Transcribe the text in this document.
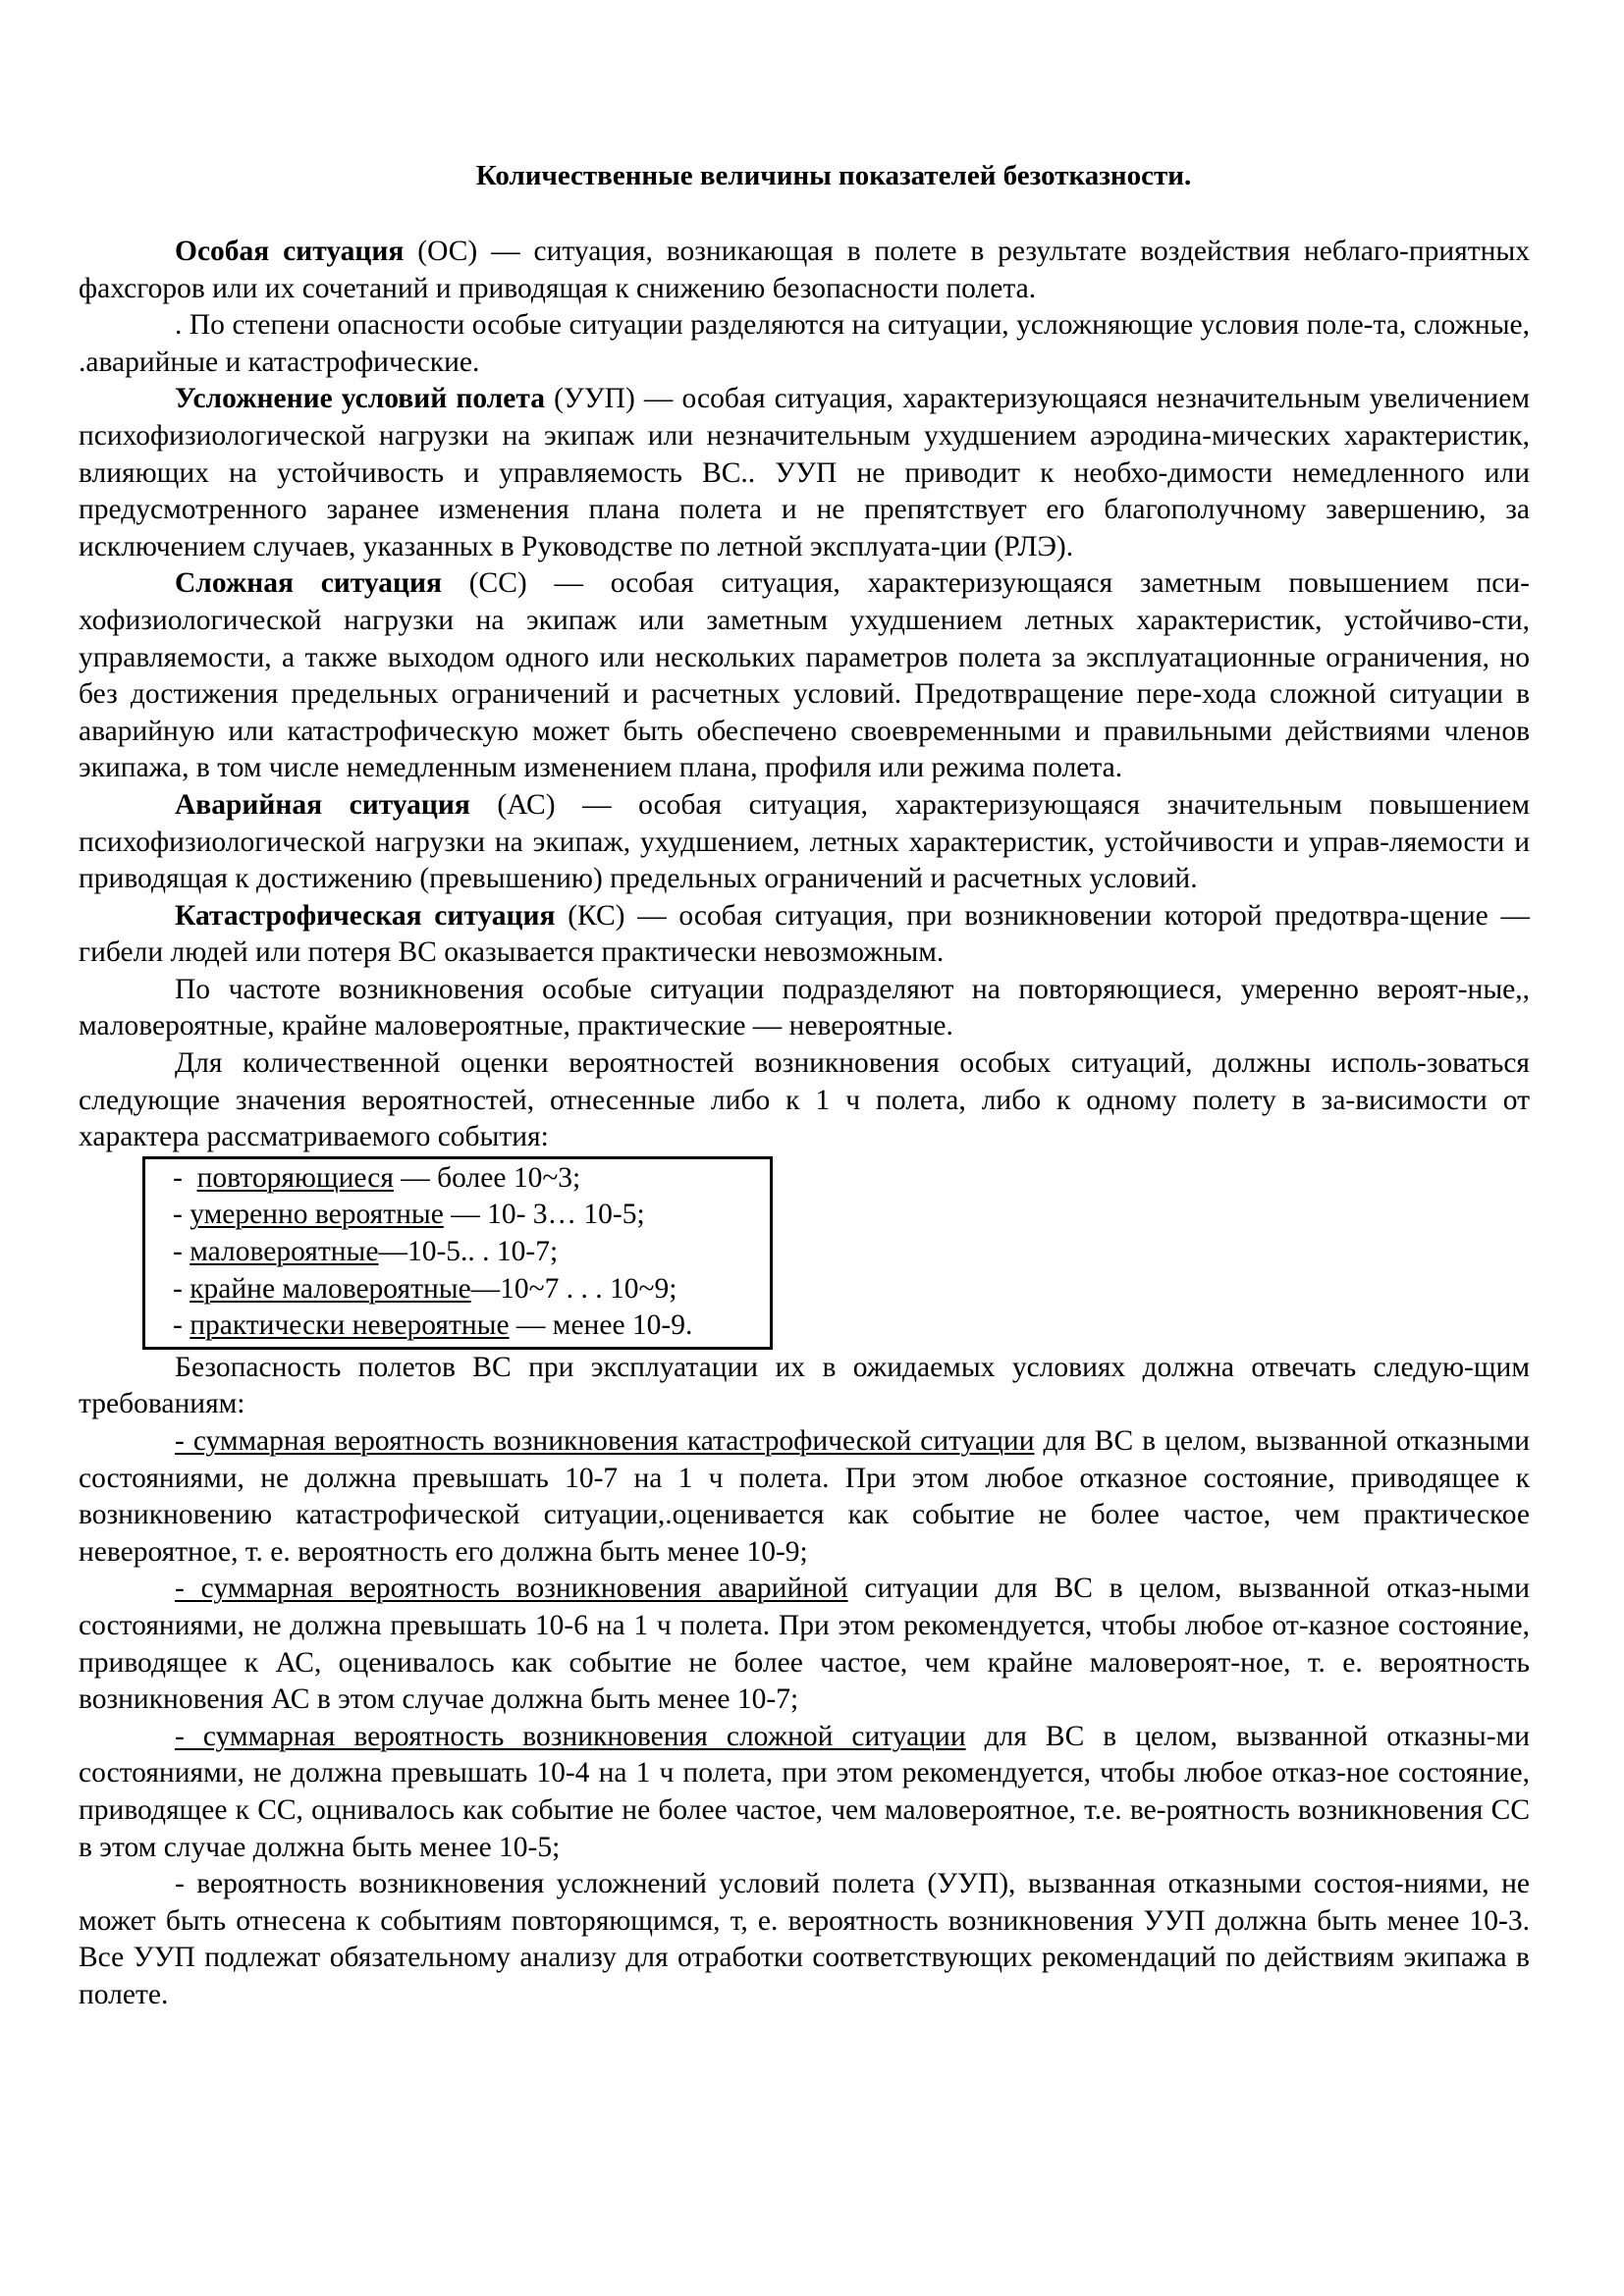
Количественные величины показателей безотказности.

Особая ситуация (ОС) — ситуация, возникающая в полете в результате воздействия неблаго-приятных фахсгоров или их сочетаний и приводящая к снижению безопасности полета.

. По степени опасности особые ситуации разделяются на ситуации, усложняющие условия поле-та, сложные, .аварийные и катастрофические.

Усложнение условий полета (УУП) — особая ситуация, характеризующаяся незначительным увеличением психофизиологической нагрузки на экипаж или незначительным ухудшением аэродина-мических характеристик, влияющих на устойчивость и управляемость ВС.. УУП не приводит к необхо-димости немедленного или предусмотренного заранее изменения плана полета и не препятствует его благополучному завершению, за исключением случаев, указанных в Руководстве по летной эксплуата-ции (РЛЭ).

Сложная ситуация (СС) — особая ситуация, характеризующаяся заметным повышением пси-хофизиологической нагрузки на экипаж или заметным ухудшением летных характеристик, устойчиво-сти, управляемости, а также выходом одного или нескольких параметров полета за эксплуатационные ограничения, но без достижения предельных ограничений и расчетных условий. Предотвращение пере-хода сложной ситуации в аварийную или катастрофическую может быть обеспечено своевременными и правильными действиями членов экипажа, в том числе немедленным изменением плана, профиля или режима полета.

Аварийная ситуация (АС) — особая ситуация, характеризующаяся значительным повышением психофизиологической нагрузки на экипаж, ухудшением, летных характеристик, устойчивости и управ-ляемости и приводящая к достижению (превышению) предельных ограничений и расчетных условий.

Катастрофическая ситуация (КС) — особая ситуация, при возникновении которой предотвра-щение — гибели людей или потеря ВС оказывается практически невозможным.

По частоте возникновения особые ситуации подразделяют на повторяющиеся, умеренно вероят-ные,, маловероятные, крайне маловероятные, практические — невероятные.

Для количественной оценки вероятностей возникновения особых ситуаций, должны исполь-зоваться следующие значения вероятностей, отнесенные либо к 1 ч полета, либо к одному полету в за-висимости от характера рассматриваемого события:

-  повторяющиеся — более 10~3;
- умеренно вероятные — 10- 3… 10-5;
- маловероятные—10-5.. . 10-7;
- крайне маловероятные—10~7 . . . 10~9;
- практически невероятные — менее 10-9.

Безопасность полетов ВС при эксплуатации их в ожидаемых условиях должна отвечать следую-щим требованиям:

- суммарная вероятность возникновения катастрофической ситуации для ВС в целом, вызванной отказными состояниями, не должна превышать 10-7 на 1 ч полета. При этом любое отказное состояние, приводящее к возникновению катастрофической ситуации,.оценивается как событие не более частое, чем практическое невероятное, т. е. вероятность его должна быть менее 10-9;

- суммарная вероятность возникновения аварийной ситуации для ВС в целом, вызванной отказ-ными состояниями, не должна превышать 10-6 на 1 ч полета. При этом рекомендуется, чтобы любое от-казное состояние, приводящее к АС, оценивалось как событие не более частое, чем крайне маловероят-ное, т. е. вероятность возникновения АС в этом случае должна быть менее 10-7;

- суммарная вероятность возникновения сложной ситуации для ВС в целом, вызванной отказны-ми состояниями, не должна превышать 10-4 на 1 ч полета, при этом рекомендуется, чтобы любое отказ-ное состояние, приводящее к СС, оцнивалось как событие не более частое, чем маловероятное, т.е. ве-роятность возникновения СС в этом случае должна быть менее 10-5;

- вероятность возникновения усложнений условий полета (УУП), вызванная отказными состоя-ниями, не может быть отнесена к событиям повторяющимся, т, е. вероятность возникновения УУП должна быть менее 10-3. Все УУП подлежат обязательному анализу для отработки соответствующих рекомендаций по действиям экипажа в полете.
